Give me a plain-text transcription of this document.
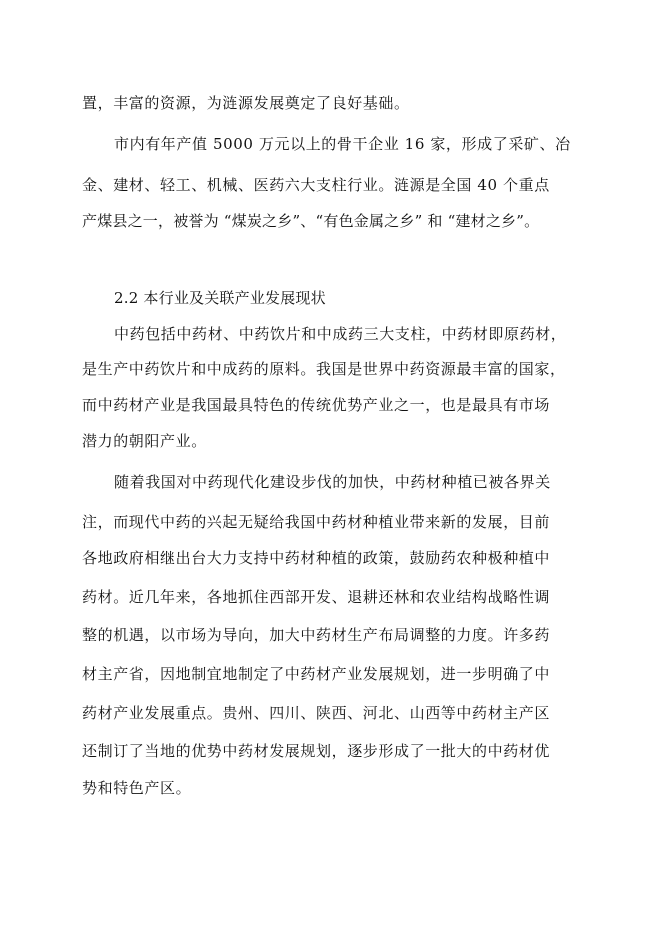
置，丰富的资源，为涟源发展奠定了良好基础。
市内有年产值 5000 万元以上的骨干企业 16 家，形成了采矿、冶
金、建材、轻工、机械、医药六大支柱行业。涟源是全国 40 个重点
产煤县之一，被誉为 “煤炭之乡”、“有色金属之乡” 和 “建材之乡”。
2.2 本行业及关联产业发展现状
中药包括中药材、中药饮片和中成药三大支柱，中药材即原药材，
是生产中药饮片和中成药的原料。我国是世界中药资源最丰富的国家，
而中药材产业是我国最具特色的传统优势产业之一，也是最具有市场
潜力的朝阳产业。
随着我国对中药现代化建设步伐的加快，中药材种植已被各界关
注，而现代中药的兴起无疑给我国中药材种植业带来新的发展，目前
各地政府相继出台大力支持中药材种植的政策，鼓励药农种极种植中
药材。近几年来，各地抓住西部开发、退耕还林和农业结构战略性调
整的机遇，以市场为导向，加大中药材生产布局调整的力度。许多药
材主产省，因地制宜地制定了中药材产业发展规划，进一步明确了中
药材产业发展重点。贵州、四川、陕西、河北、山西等中药材主产区
还制订了当地的优势中药材发展规划，逐步形成了一批大的中药材优
势和特色产区。
